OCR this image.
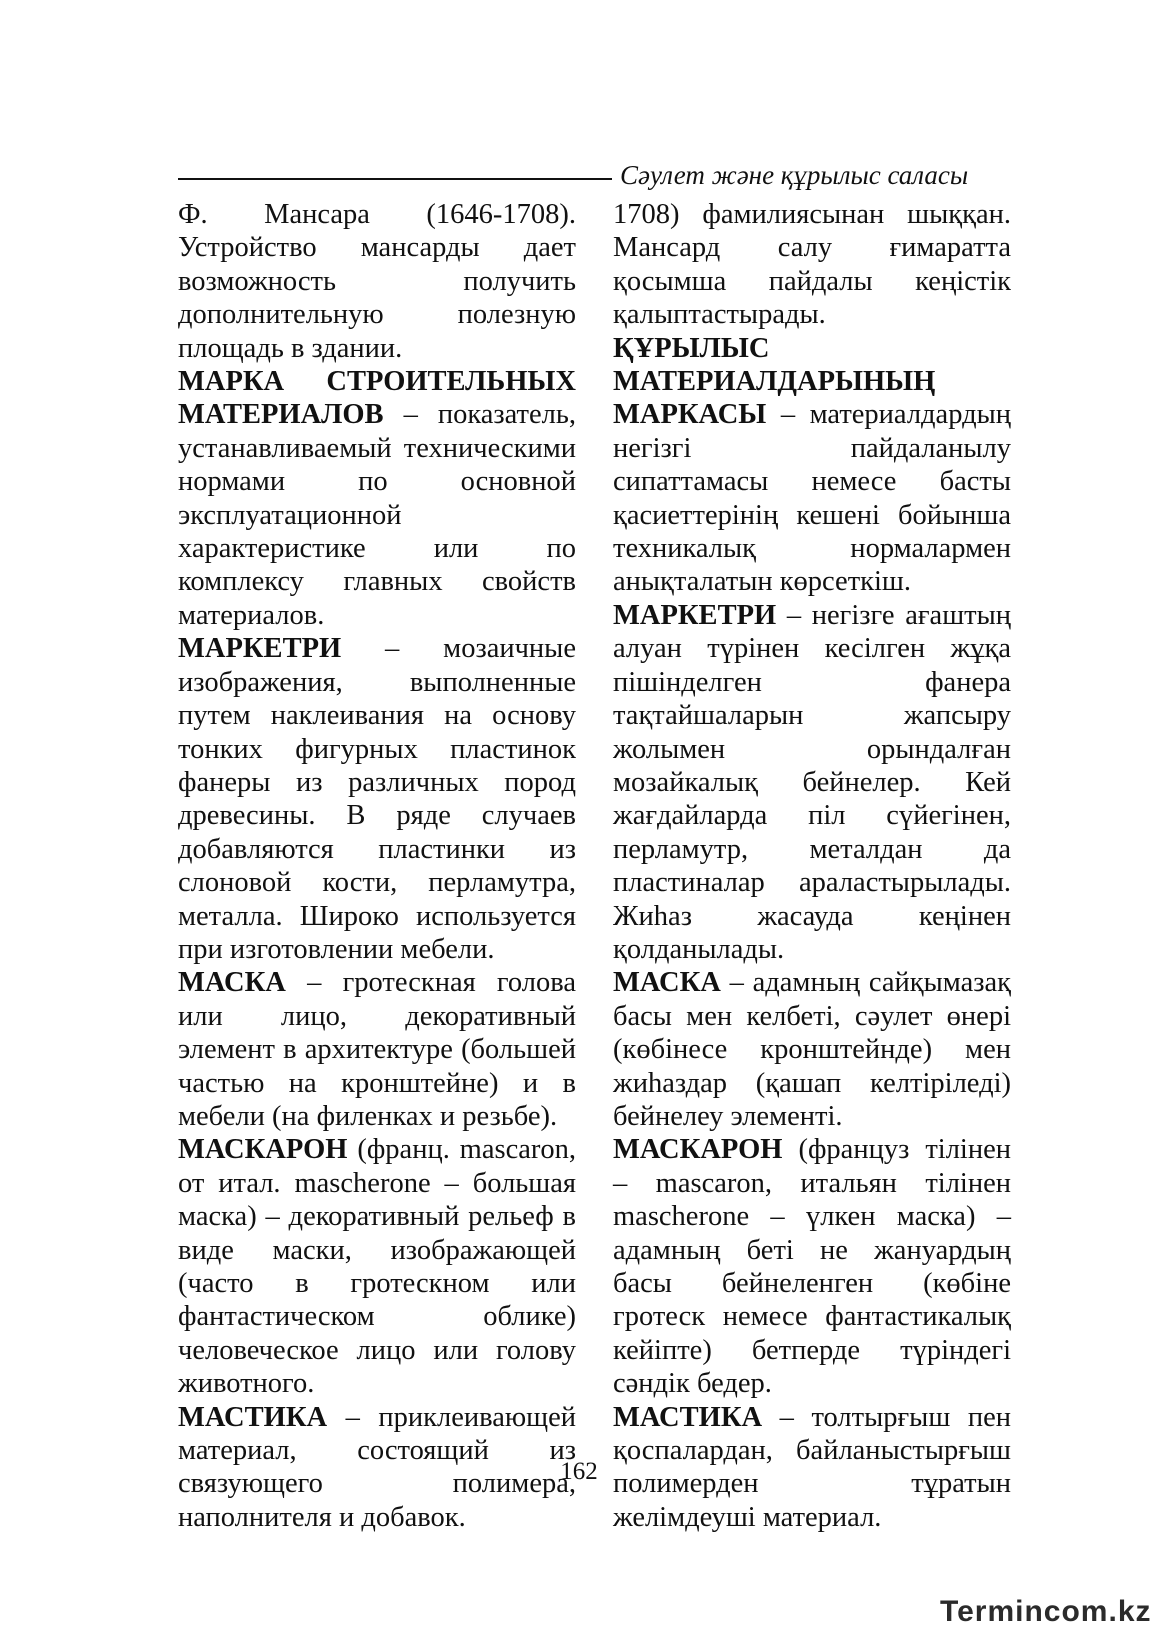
Сәулет және құрылыс саласы

Ф. Мансара (1646-1708). Устройство мансарды дает возможность получить дополнительную полезную площадь в здании.

МАРКА СТРОИТЕЛЬНЫХ МАТЕРИАЛОВ – показатель, устанавливаемый техническими нормами по основной эксплуатационной характеристике или по комплексу главных свойств материалов.

МАРКЕТРИ – мозаичные изображения, выполненные путем наклеивания на основу тонких фигурных пластинок фанеры из различных пород древесины. В ряде случаев добавляются пластинки из слоновой кости, перламутра, металла. Широко используется при изготовлении мебели.

МАСКА – гротескная голова или лицо, декоративный элемент в архитектуре (большей частью на кронштейне) и в мебели (на филенках и резьбе).

МАСКАРОН (франц. mascaron, от итал. mascherone – большая маска) – декоративный рельеф в виде маски, изображающей (часто в гротескном или фантастическом облике) человеческое лицо или голову животного.

МАСТИКА – приклеивающей материал, состоящий из связующего полимера, наполнителя и добавок.

1708) фамилиясынан шыққан. Мансард салу ғимаратта қосымша пайдалы кеңістік қалыптастырады.

ҚҰРЫЛЫС МАТЕРИАЛДАРЫНЫҢ МАРКАСЫ – материалдардың негізгі пайдаланылу сипаттамасы немесе басты қасиеттерінің кешені бойынша техникалық нормалармен анықталатын көрсеткіш.

МАРКЕТРИ – негізге ағаштың алуан түрінен кесілген жұқа пішінделген фанера тақтайшаларын жапсыру жолымен орындалған мозайкалық бейнелер. Кей жағдайларда піл сүйегінен, перламутр, металдан да пластиналар араластырылады. Жиһаз жасауда кеңінен қолданылады.

МАСКА – адамның сайқымазақ басы мен келбеті, сәулет өнері (көбінесе кронштейнде) мен жиһаздар (қашап келтіріледі) бейнелеу элементі.

МАСКАРОН (француз тілінен – mascaron, итальян тілінен mascherone – үлкен маска) – адамның беті не жануардың басы бейнеленген (көбіне гротеск немесе фантастикалық кейіпте) бетперде түріндегі сәндік бедер.

МАСТИКА – толтырғыш пен қоспалардан, байланыстырғыш полимерден тұратын желімдеуші материал.

162
Termincom.kz
